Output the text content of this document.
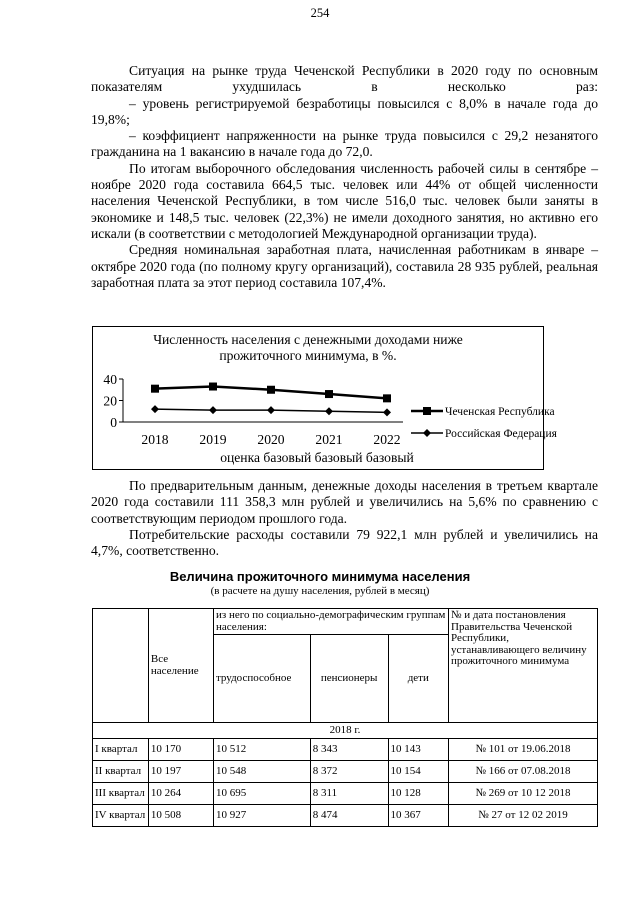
254

Ситуация на рынке труда Чеченской Республики в 2020 году по основным показателям ухудшилась в несколько раз:

– уровень регистрируемой безработицы повысился с 8,0% в начале года до 19,8%;

– коэффициент напряженности на рынке труда повысился с 29,2 незанятого гражданина на 1 вакансию в начале года до 72,0.

По итогам выборочного обследования численность рабочей силы в сентябре – ноябре 2020 года составила 664,5 тыс. человек или 44% от общей численности населения Чеченской Республики, в том числе 516,0 тыс. человек были заняты в экономике и 148,5 тыс. человек (22,3%) не имели доходного занятия, но активно его искали (в соответствии с методологией Международной организации труда).

Средняя номинальная заработная плата, начисленная работникам в январе – октябре 2020 года (по полному кругу организаций), составила 28 935 рублей, реальная заработная плата за этот период составила 107,4%.

Численность населения с денежными доходами ниже
прожиточного минимума, в %.
оценка базовый базовый базовый
40
20
0
2018 2019 2020 2021 2022
Чеченская Республика
Российская Федерация

По предварительным данным, денежные доходы населения в третьем квартале 2020 года составили 111 358,3 млн рублей и увеличились на 5,6% по сравнению с соответствующим периодом прошлого года.

Потребительские расходы составили 79 922,1 млн рублей и увеличились на 4,7%, соответственно.

Величина прожиточного минимума населения
(в расчете на душу населения, рублей в месяц)
	Все население	из него по социально-демографическим группам населения:			№ и дата постановления Правительства Чеченской Республики, устанавливающего величину прожиточного минимума
		трудоспособное	пенсионеры	дети	
2018 г.					
I квартал	10 170	10 512	8 343	10 143	№ 101 от 19.06.2018
II квартал	10 197	10 548	8 372	10 154	№ 166 от 07.08.2018
III квартал	10 264	10 695	8 311	10 128	№ 269 от 10 12 2018
IV квартал	10 508	10 927	8 474	10 367	№ 27 от 12 02 2019
